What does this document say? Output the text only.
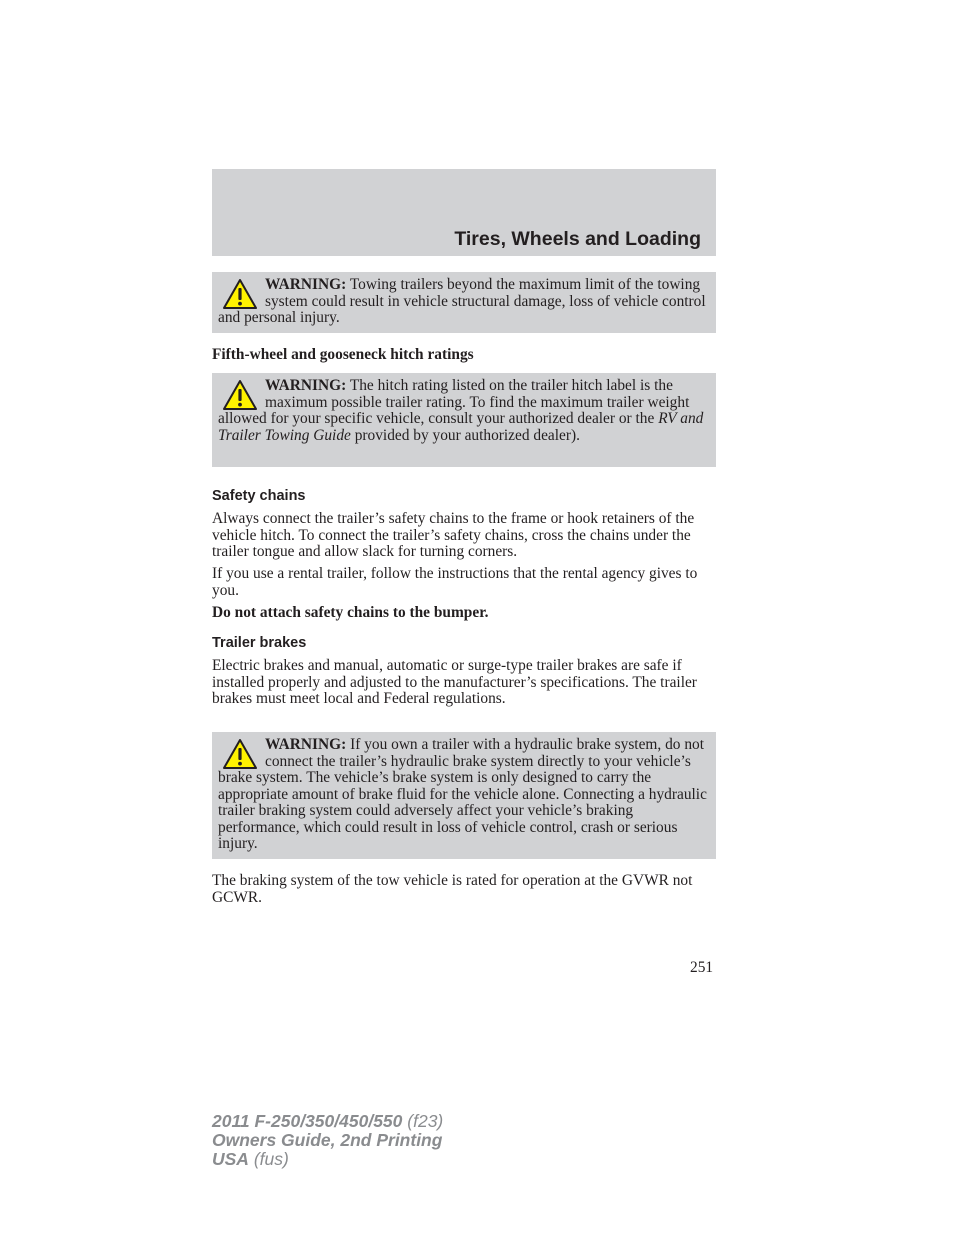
Tires, Wheels and Loading
WARNING: Towing trailers beyond the maximum limit of the towing system could result in vehicle structural damage, loss of vehicle control and personal injury.
Fifth-wheel and gooseneck hitch ratings
WARNING: The hitch rating listed on the trailer hitch label is the maximum possible trailer rating. To find the maximum trailer weight allowed for your specific vehicle, consult your authorized dealer or the RV and Trailer Towing Guide provided by your authorized dealer).
Safety chains
Always connect the trailer’s safety chains to the frame or hook retainers of the vehicle hitch. To connect the trailer’s safety chains, cross the chains under the trailer tongue and allow slack for turning corners.
If you use a rental trailer, follow the instructions that the rental agency gives to you.
Do not attach safety chains to the bumper.
Trailer brakes
Electric brakes and manual, automatic or surge-type trailer brakes are safe if installed properly and adjusted to the manufacturer’s specifications. The trailer brakes must meet local and Federal regulations.
WARNING: If you own a trailer with a hydraulic brake system, do not connect the trailer’s hydraulic brake system directly to your vehicle’s brake system. The vehicle’s brake system is only designed to carry the appropriate amount of brake fluid for the vehicle alone. Connecting a hydraulic trailer braking system could adversely affect your vehicle’s braking performance, which could result in loss of vehicle control, crash or serious injury.
The braking system of the tow vehicle is rated for operation at the GVWR not GCWR.
251
2011 F-250/350/450/550 (f23)
Owners Guide, 2nd Printing
USA (fus)
